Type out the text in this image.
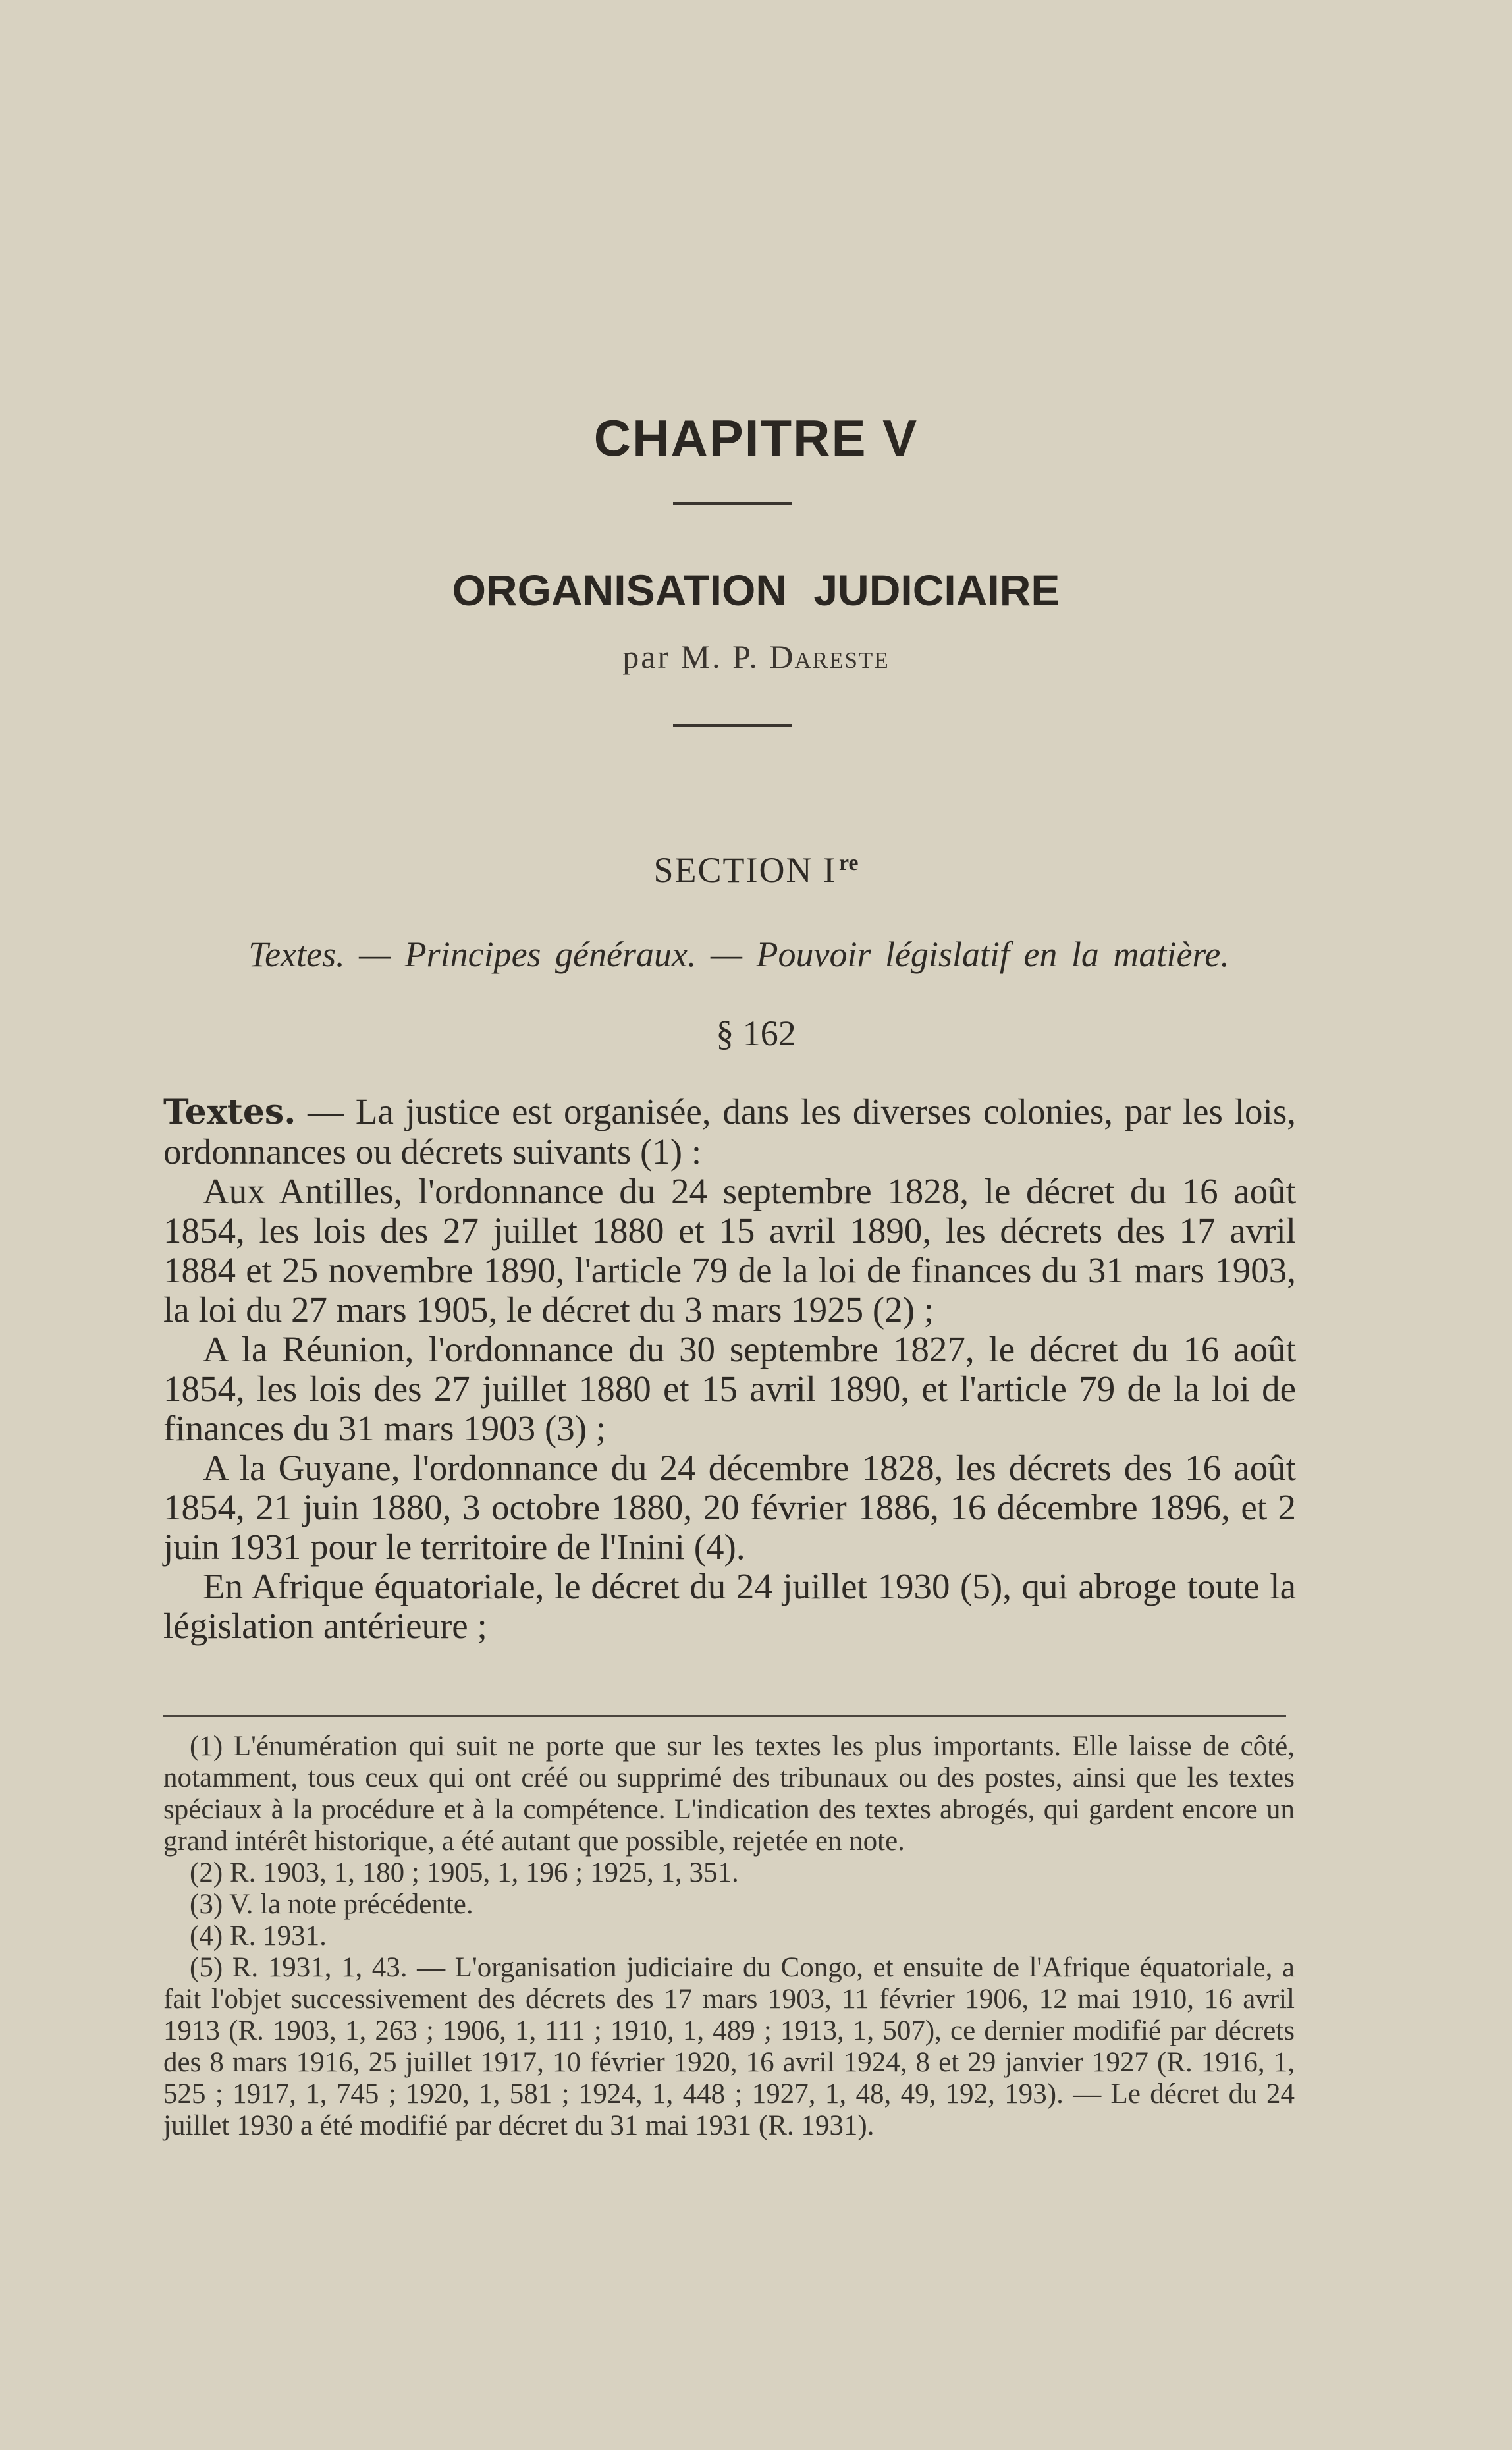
CHAPITRE V
ORGANISATION JUDICIAIRE
par M. P. Dareste
SECTION I $^{re}$
Textes. — Principes généraux. — Pouvoir législatif en la matière.
§ 162

Textes. — La justice est organisée, dans les diverses colonies, par les lois, ordonnances ou décrets suivants (1) :

Aux Antilles, l'ordonnance du 24 septembre 1828, le décret du 16 août 1854, les lois des 27 juillet 1880 et 15 avril 1890, les décrets des 17 avril 1884 et 25 novembre 1890, l'article 79 de la loi de finances du 31 mars 1903, la loi du 27 mars 1905, le décret du 3 mars 1925 (2) ;

A la Réunion, l'ordonnance du 30 septembre 1827, le décret du 16 août 1854, les lois des 27 juillet 1880 et 15 avril 1890, et l'article 79 de la loi de finances du 31 mars 1903 (3) ;

A la Guyane, l'ordonnance du 24 décembre 1828, les décrets des 16 août 1854, 21 juin 1880, 3 octobre 1880, 20 février 1886, 16 décembre 1896, et 2 juin 1931 pour le territoire de l'Inini (4).

En Afrique équatoriale, le décret du 24 juillet 1930 (5), qui abroge toute la législation antérieure ;

(1) L'énumération qui suit ne porte que sur les textes les plus importants. Elle laisse de côté, notamment, tous ceux qui ont créé ou supprimé des tribunaux ou des postes, ainsi que les textes spéciaux à la procédure et à la compétence. L'indication des textes abrogés, qui gardent encore un grand intérêt historique, a été autant que possible, rejetée en note.

(2) R. 1903, 1, 180 ; 1905, 1, 196 ; 1925, 1, 351.

(3) V. la note précédente.

(4) R. 1931.

(5) R. 1931, 1, 43. — L'organisation judiciaire du Congo, et ensuite de l'Afrique équatoriale, a fait l'objet successivement des décrets des 17 mars 1903, 11 février 1906, 12 mai 1910, 16 avril 1913 (R. 1903, 1, 263 ; 1906, 1, 111 ; 1910, 1, 489 ; 1913, 1, 507), ce dernier modifié par décrets des 8 mars 1916, 25 juillet 1917, 10 février 1920, 16 avril 1924, 8 et 29 janvier 1927 (R. 1916, 1, 525 ; 1917, 1, 745 ; 1920, 1, 581 ; 1924, 1, 448 ; 1927, 1, 48, 49, 192, 193). — Le décret du 24 juillet 1930 a été modifié par décret du 31 mai 1931 (R. 1931).
